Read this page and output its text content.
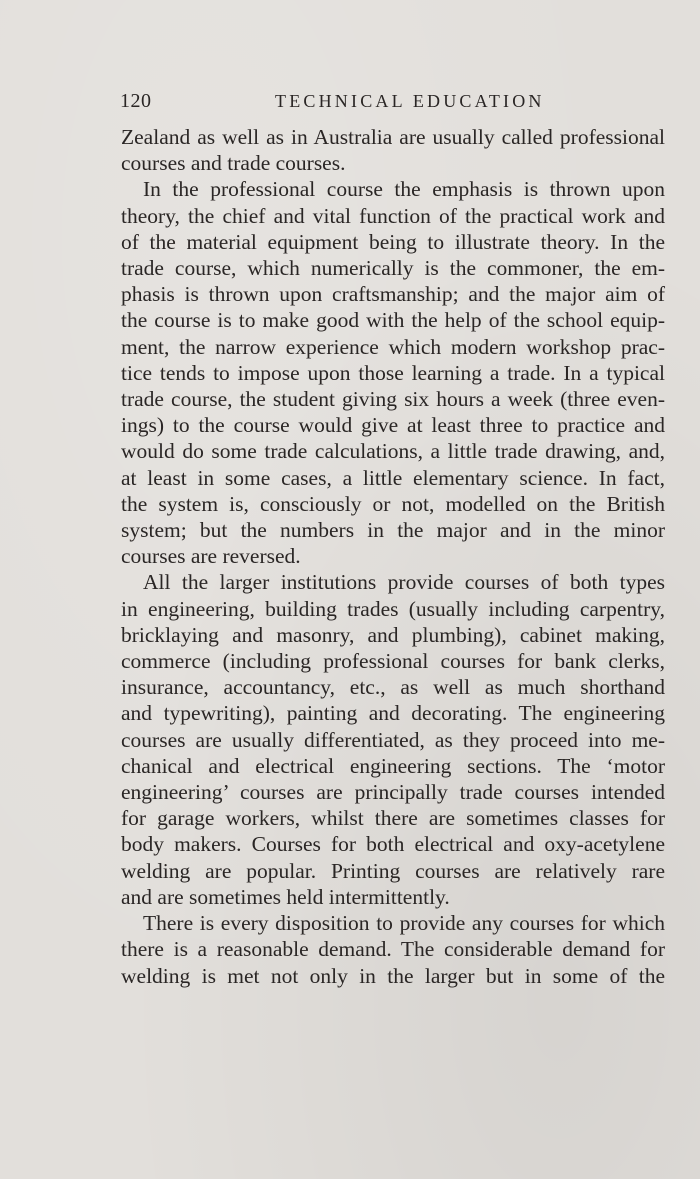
120	TECHNICAL EDUCATION

Zealand as well as in Australia are usually called professional

courses and trade courses.

In the professional course the emphasis is thrown upon

theory, the chief and vital function of the practical work and

of the material equipment being to illustrate theory. In the

trade course, which numerically is the commoner, the em-

phasis is thrown upon craftsmanship; and the major aim of

the course is to make good with the help of the school equip-

ment, the narrow experience which modern workshop prac-

tice tends to impose upon those learning a trade. In a typical

trade course, the student giving six hours a week (three even-

ings) to the course would give at least three to practice and

would do some trade calculations, a little trade drawing, and,

at least in some cases, a little elementary science. In fact,

the system is, consciously or not, modelled on the British

system; but the numbers in the major and in the minor

courses are reversed.

All the larger institutions provide courses of both types

in engineering, building trades (usually including carpentry,

bricklaying and masonry, and plumbing), cabinet making,

commerce (including professional courses for bank clerks,

insurance, accountancy, etc., as well as much shorthand

and typewriting), painting and decorating. The engineering

courses are usually differentiated, as they proceed into me-

chanical and electrical engineering sections. The ‘motor

engineering’ courses are principally trade courses intended

for garage workers, whilst there are sometimes classes for

body makers. Courses for both electrical and oxy-acetylene

welding are popular. Printing courses are relatively rare

and are sometimes held intermittently.

There is every disposition to provide any courses for which

there is a reasonable demand. The considerable demand for

welding is met not only in the larger but in some of the
